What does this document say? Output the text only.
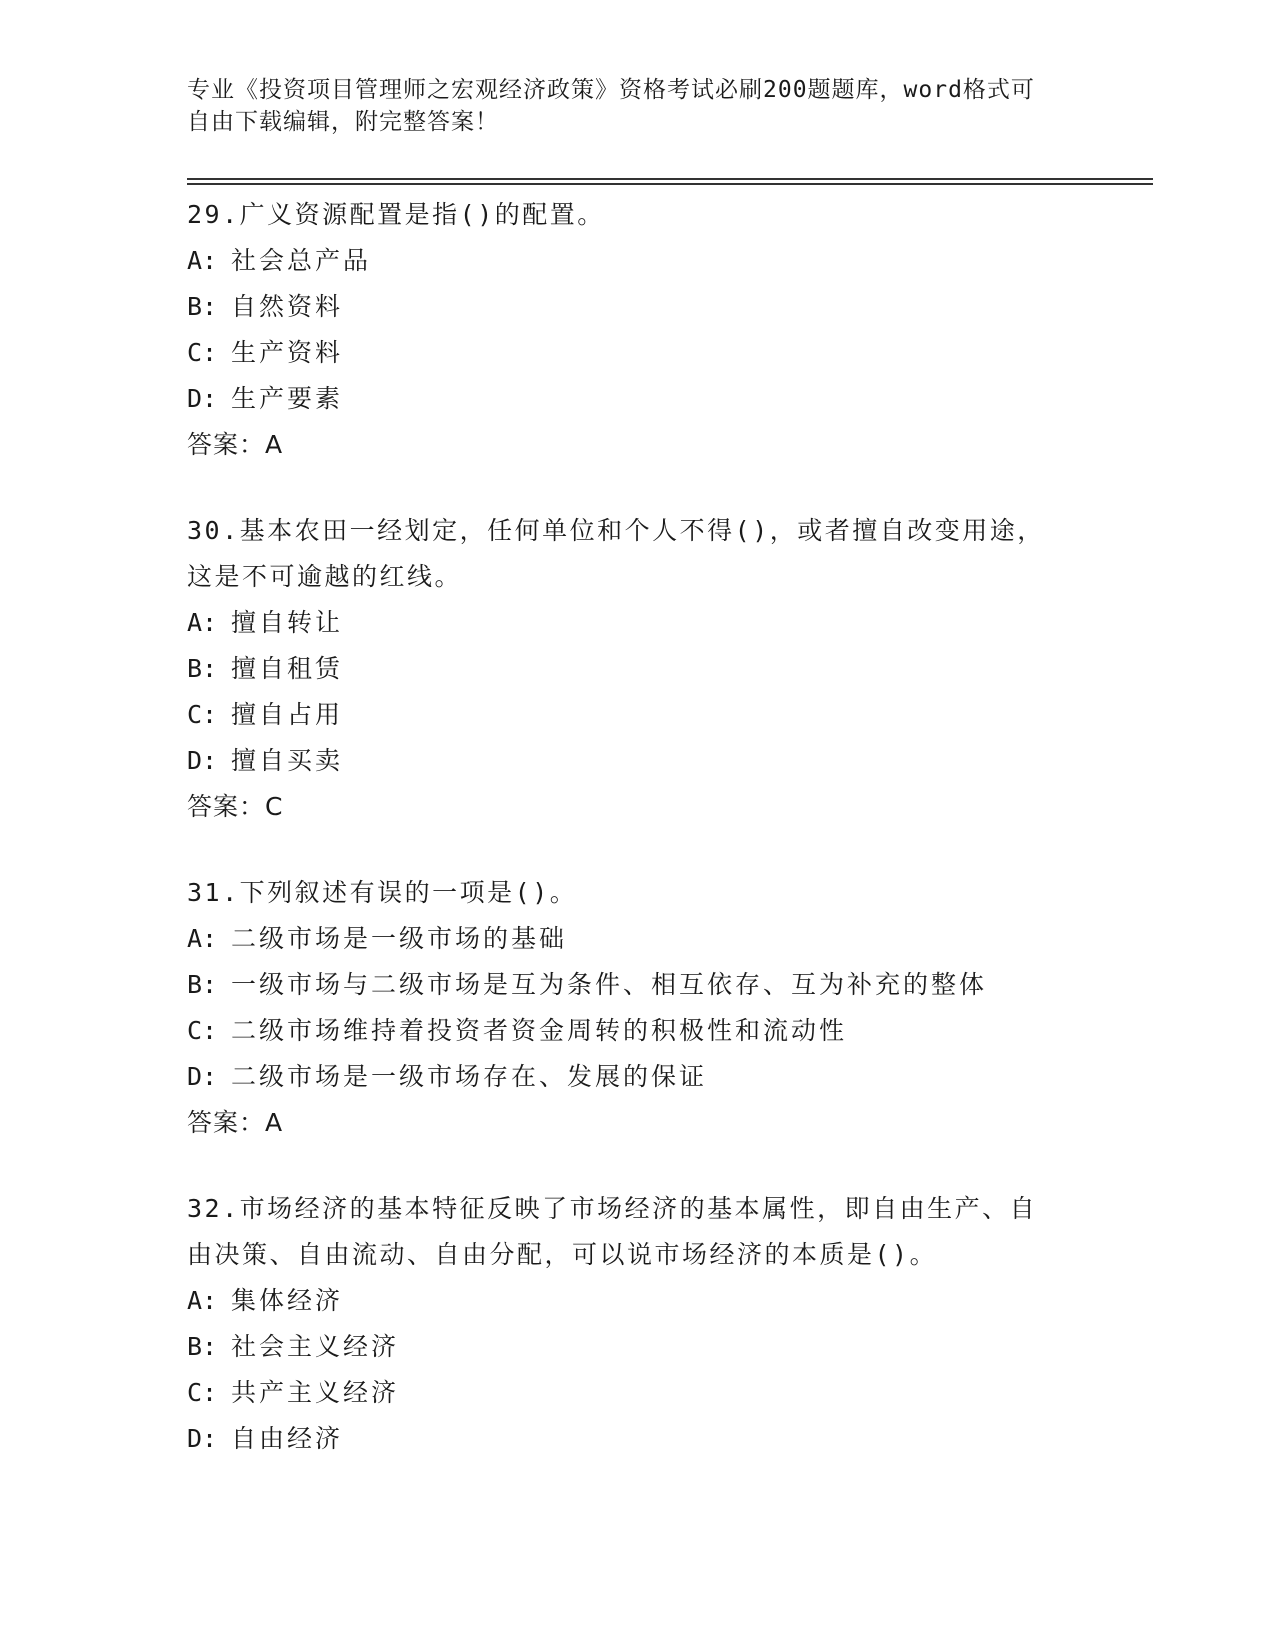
专业《投资项目管理师之宏观经济政策》资格考试必刷200题题库，word格式可
自由下载编辑，附完整答案！
29.广义资源配置是指()的配置。
A: 社会总产品
B: 自然资料
C: 生产资料
D: 生产要素
答案：A
30.基本农田一经划定，任何单位和个人不得()，或者擅自改变用途，
这是不可逾越的红线。
A: 擅自转让
B: 擅自租赁
C: 擅自占用
D: 擅自买卖
答案：C
31.下列叙述有误的一项是()。
A: 二级市场是一级市场的基础
B: 一级市场与二级市场是互为条件、相互依存、互为补充的整体
C: 二级市场维持着投资者资金周转的积极性和流动性
D: 二级市场是一级市场存在、发展的保证
答案：A
32.市场经济的基本特征反映了市场经济的基本属性，即自由生产、自
由决策、自由流动、自由分配，可以说市场经济的本质是()。
A: 集体经济
B: 社会主义经济
C: 共产主义经济
D: 自由经济
